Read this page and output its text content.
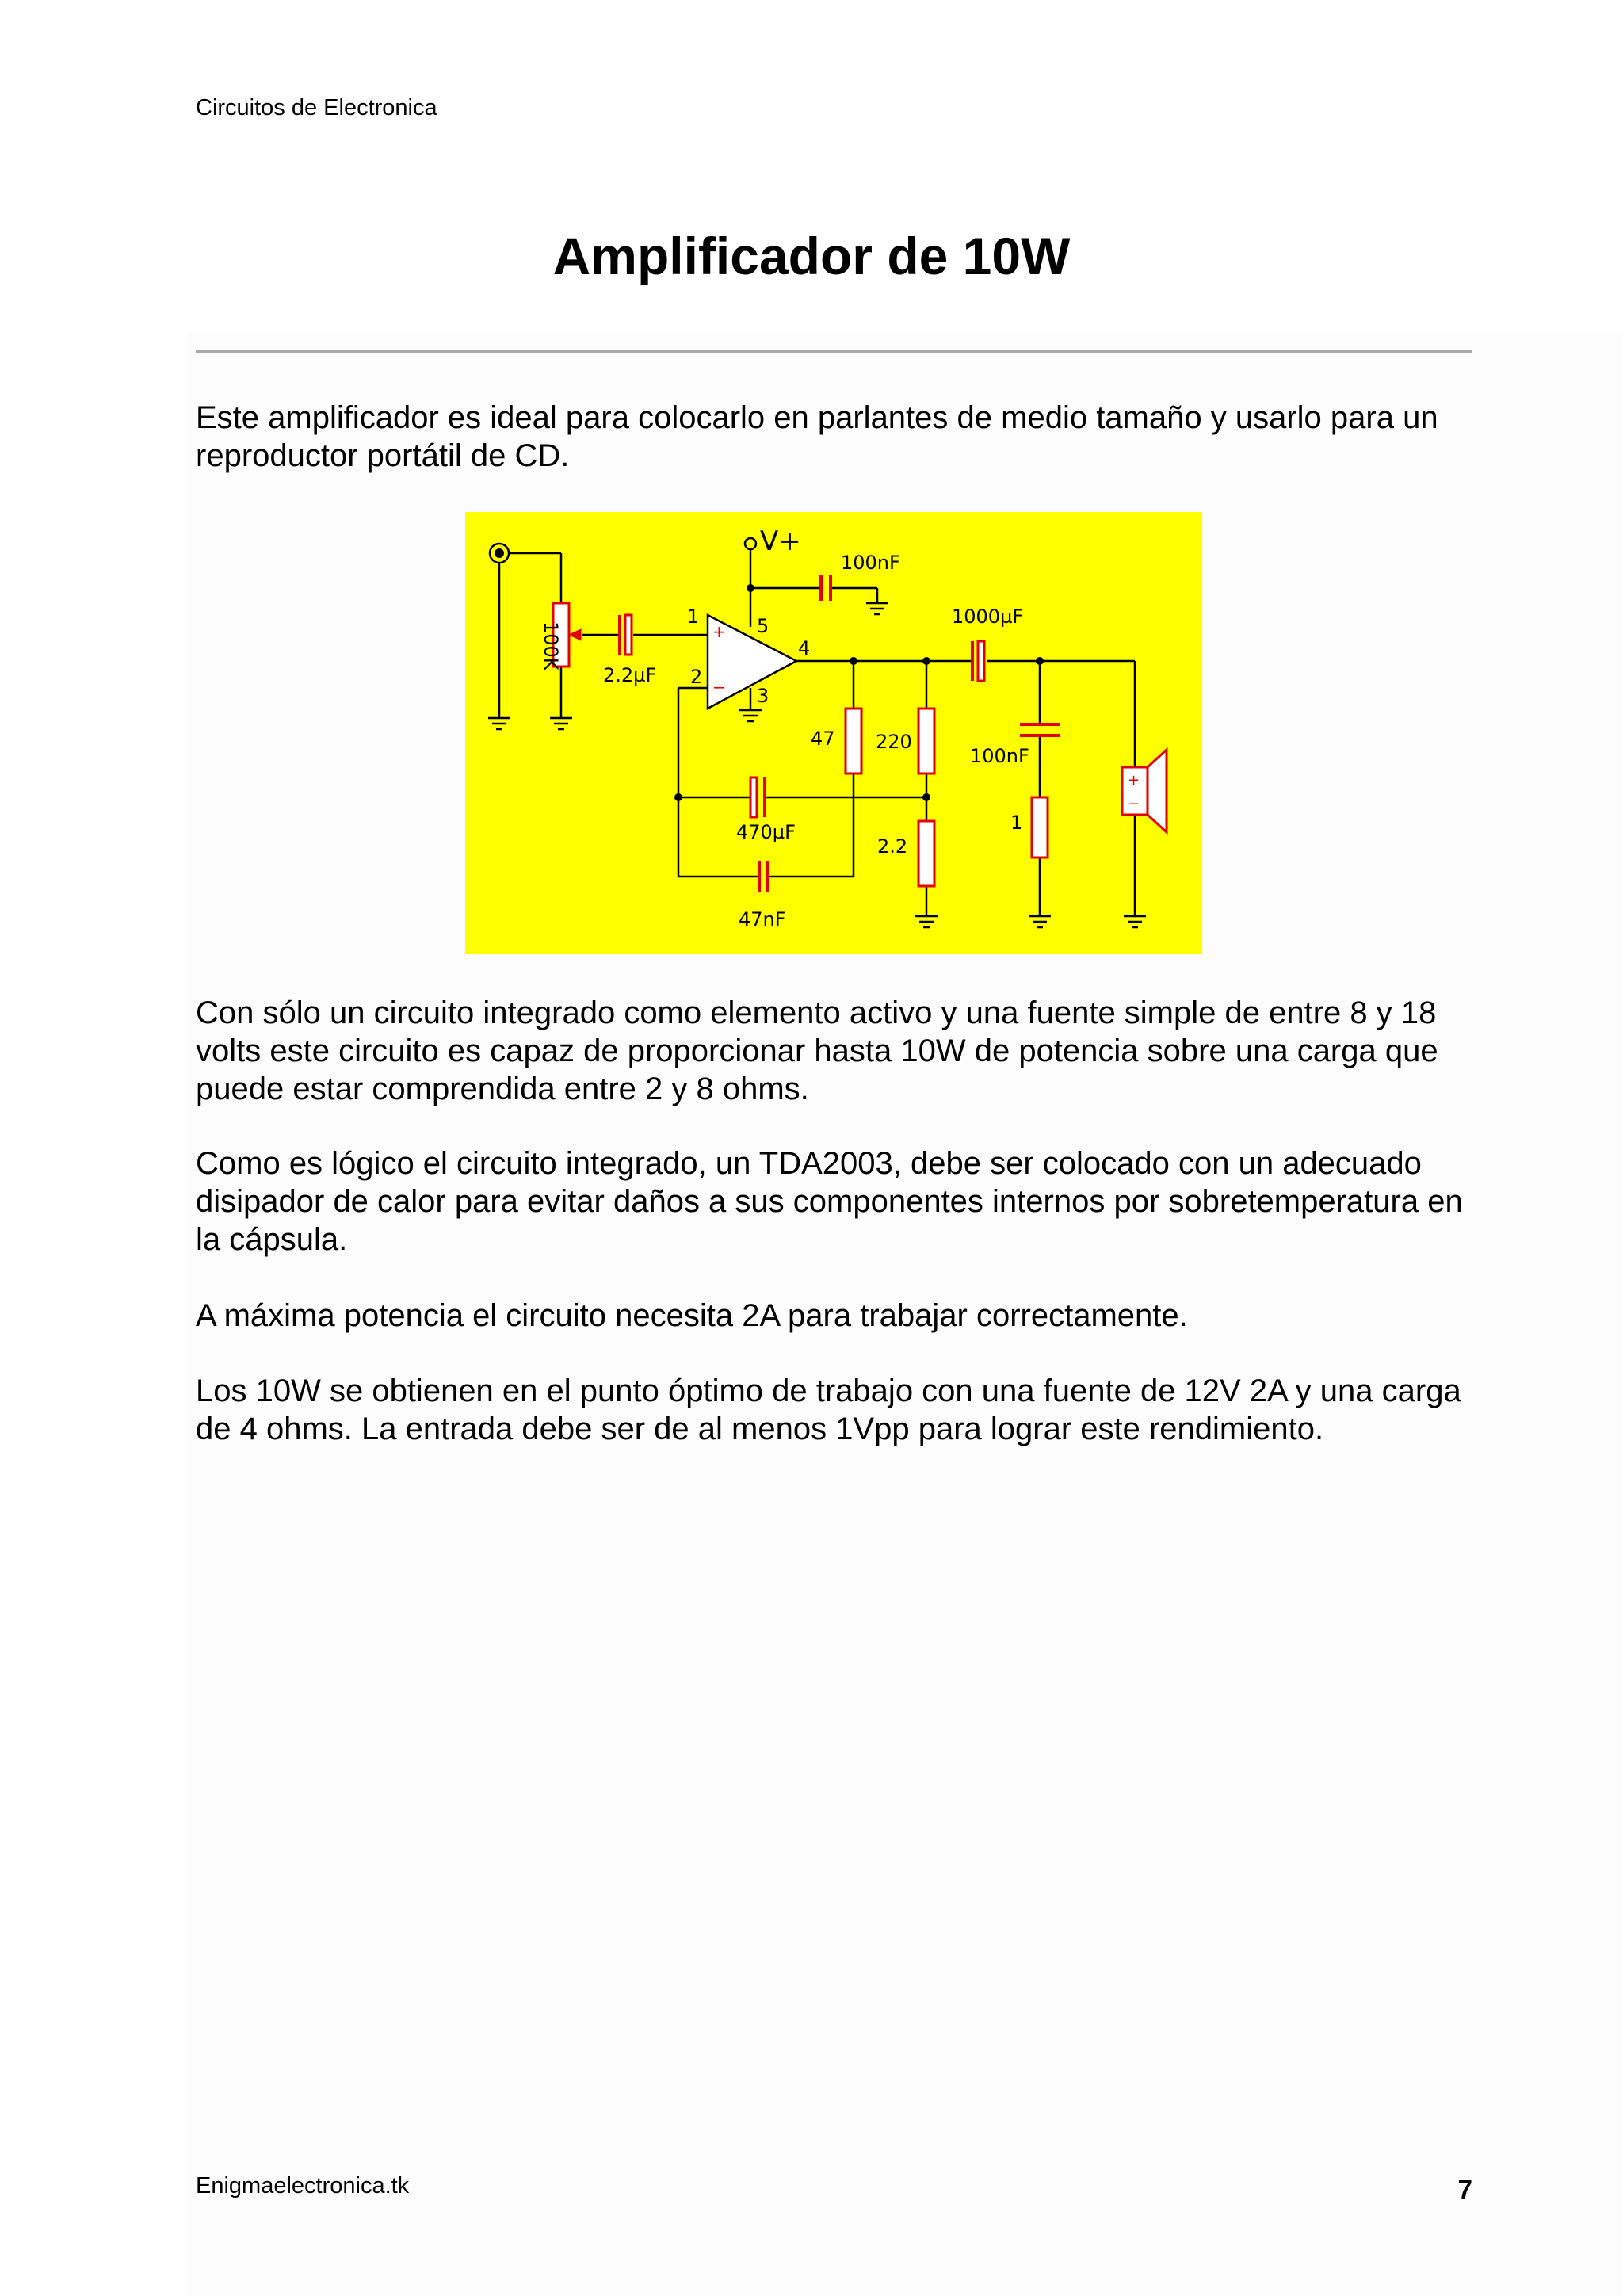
Circuitos de Electronica
Amplificador de 10W

Este amplificador es ideal para colocarlo en parlantes de medio tamaño y usarlo para un reproductor portátil de CD.

+
−
+
−
V+
100nF
100K
2.2µF
1
2
3
4
5	1000µF
47 220
100nF
1
470µF
2.2
47nF

Con sólo un circuito integrado como elemento activo y una fuente simple de entre 8 y 18 volts este circuito es capaz de proporcionar hasta 10W de potencia sobre una carga que puede estar comprendida entre 2 y 8 ohms.

Como es lógico el circuito integrado, un TDA2003, debe ser colocado con un adecuado disipador de calor para evitar daños a sus componentes internos por sobretemperatura en la cápsula.

A máxima potencia el circuito necesita 2A para trabajar correctamente.

Los 10W se obtienen en el punto óptimo de trabajo con una fuente de 12V 2A y una carga de 4 ohms. La entrada debe ser de al menos 1Vpp para lograr este rendimiento.

Enigmaelectronica.tk	7
